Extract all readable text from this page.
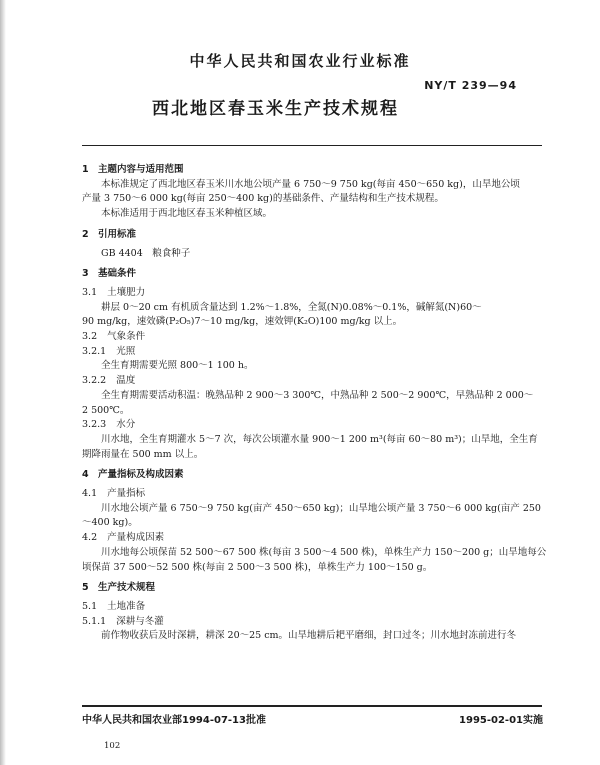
中华人民共和国农业行业标准
NY/T 239—94
西北地区春玉米生产技术规程

1 主题内容与适用范围

本标准规定了西北地区春玉米川水地公顷产量 6 750～9 750 kg(每亩 450～650 kg)，山旱地公顷

产量 3 750～6 000 kg(每亩 250～400 kg)的基础条件、产量结构和生产技术规程。

本标准适用于西北地区春玉米种植区域。

2 引用标准

GB 4404　粮食种子

3 基础条件

3.1 土壤肥力

耕层 0～20 cm 有机质含量达到 1.2%～1.8%，全氮(N)0.08%～0.1%，碱解氮(N)60～

90 mg/kg，速效磷(P₂O₅)7～10 mg/kg，速效钾(K₂O)100 mg/kg 以上。

3.2 气象条件

3.2.1 光照

全生育期需要光照 800～1 100 h。

3.2.2 温度

全生育期需要活动积温：晚熟品种 2 900～3 300℃，中熟品种 2 500～2 900℃，早熟品种 2 000～

2 500℃。

3.2.3 水分

川水地，全生育期灌水 5～7 次，每次公顷灌水量 900～1 200 m³(每亩 60～80 m³)；山旱地，全生育

期降雨量在 500 mm 以上。

4 产量指标及构成因素

4.1 产量指标

川水地公顷产量 6 750～9 750 kg(亩产 450～650 kg)；山旱地公顷产量 3 750～6 000 kg(亩产 250

～400 kg)。

4.2 产量构成因素

川水地每公顷保苗 52 500～67 500 株(每亩 3 500～4 500 株)，单株生产力 150～200 g；山旱地每公

顷保苗 37 500～52 500 株(每亩 2 500～3 500 株)，单株生产力 100～150 g。

5 生产技术规程

5.1 土地准备

5.1.1 深耕与冬灌

前作物收获后及时深耕，耕深 20～25 cm。山旱地耕后耙平磨细，封口过冬；川水地封冻前进行冬

中华人民共和国农业部1994-07-13批准	1995-02-01实施
102
